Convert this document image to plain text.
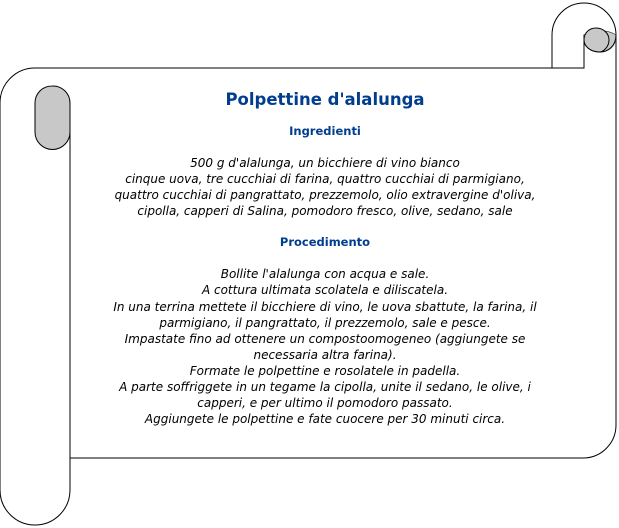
Polpettine d'alalunga
Ingredienti
500 g d'alalunga, un bicchiere di vino bianco
cinque uova, tre cucchiai di farina, quattro cucchiai di parmigiano,
quattro cucchiai di pangrattato, prezzemolo, olio extravergine d'oliva,
cipolla, capperi di Salina, pomodoro fresco, olive, sedano, sale
Procedimento
Bollite l'alalunga con acqua e sale.
A cottura ultimata scolatela e diliscatela.
In una terrina mettete il bicchiere di vino, le uova sbattute, la farina, il
parmigiano, il pangrattato, il prezzemolo, sale e pesce.
Impastate fino ad ottenere un compostoomogeneo (aggiungete se
necessaria altra farina).
Formate le polpettine e rosolatele in padella.
A parte soffriggete in un tegame la cipolla, unite il sedano, le olive, i
capperi, e per ultimo il pomodoro passato.
Aggiungete le polpettine e fate cuocere per 30 minuti circa.
